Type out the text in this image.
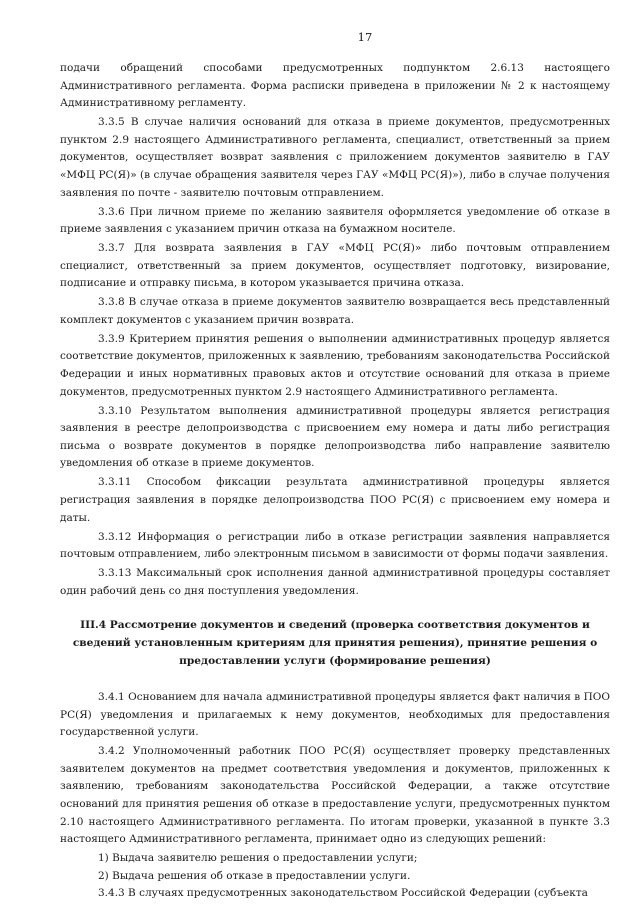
17

подачи обращений способами предусмотренных подпунктом 2.6.13 настоящего Административного регламента. Форма расписки приведена в приложении № 2 к настоящему Административному регламенту.

3.3.5 В случае наличия оснований для отказа в приеме документов, предусмотренных пунктом 2.9 настоящего Административного регламента, специалист, ответственный за прием документов, осуществляет возврат заявления с приложением документов заявителю в ГАУ «МФЦ РС(Я)» (в случае обращения заявителя через ГАУ «МФЦ РС(Я)»), либо в случае получения заявления по почте - заявителю почтовым отправлением.

3.3.6 При личном приеме по желанию заявителя оформляется уведомление об отказе в приеме заявления с указанием причин отказа на бумажном носителе.

3.3.7 Для возврата заявления в ГАУ «МФЦ РС(Я)» либо почтовым отправлением специалист, ответственный за прием документов, осуществляет подготовку, визирование, подписание и отправку письма, в котором указывается причина отказа.

3.3.8 В случае отказа в приеме документов заявителю возвращается весь представленный комплект документов с указанием причин возврата.

3.3.9 Критерием принятия решения о выполнении административных процедур является соответствие документов, приложенных к заявлению, требованиям законодательства Российской Федерации и иных нормативных правовых актов и отсутствие оснований для отказа в приеме документов, предусмотренных пунктом 2.9 настоящего Административного регламента.

3.3.10 Результатом выполнения административной процедуры является регистрация заявления в реестре делопроизводства с присвоением ему номера и даты либо регистрация письма о возврате документов в порядке делопроизводства либо направление заявителю уведомления об отказе в приеме документов.

3.3.11 Способом фиксации результата административной процедуры является регистрация заявления в порядке делопроизводства ПОО РС(Я) с присвоением ему номера и даты.

3.3.12 Информация о регистрации либо в отказе регистрации заявления направляется почтовым отправлением, либо электронным письмом в зависимости от формы подачи заявления.

3.3.13 Максимальный срок исполнения данной административной процедуры составляет один рабочий день со дня поступления уведомления.

III.4 Рассмотрение документов и сведений (проверка соответствия документов и сведений установленным критериям для принятия решения), принятие решения о предоставлении услуги (формирование решения)

3.4.1 Основанием для начала административной процедуры является факт наличия в ПОО РС(Я) уведомления и прилагаемых к нему документов, необходимых для предоставления государственной услуги.

3.4.2 Уполномоченный работник ПОО РС(Я) осуществляет проверку представленных заявителем документов на предмет соответствия уведомления и документов, приложенных к заявлению, требованиям законодательства Российской Федерации, а также отсутствие оснований для принятия решения об отказе в предоставление услуги, предусмотренных пунктом 2.10 настоящего Административного регламента. По итогам проверки, указанной в пункте 3.3 настоящего Административного регламента, принимает одно из следующих решений:

1) Выдача заявителю решения о предоставлении услуги;
2) Выдача решения об отказе в предоставлении услуги.

3.4.3 В случаях предусмотренных законодательством Российской Федерации (субъекта
